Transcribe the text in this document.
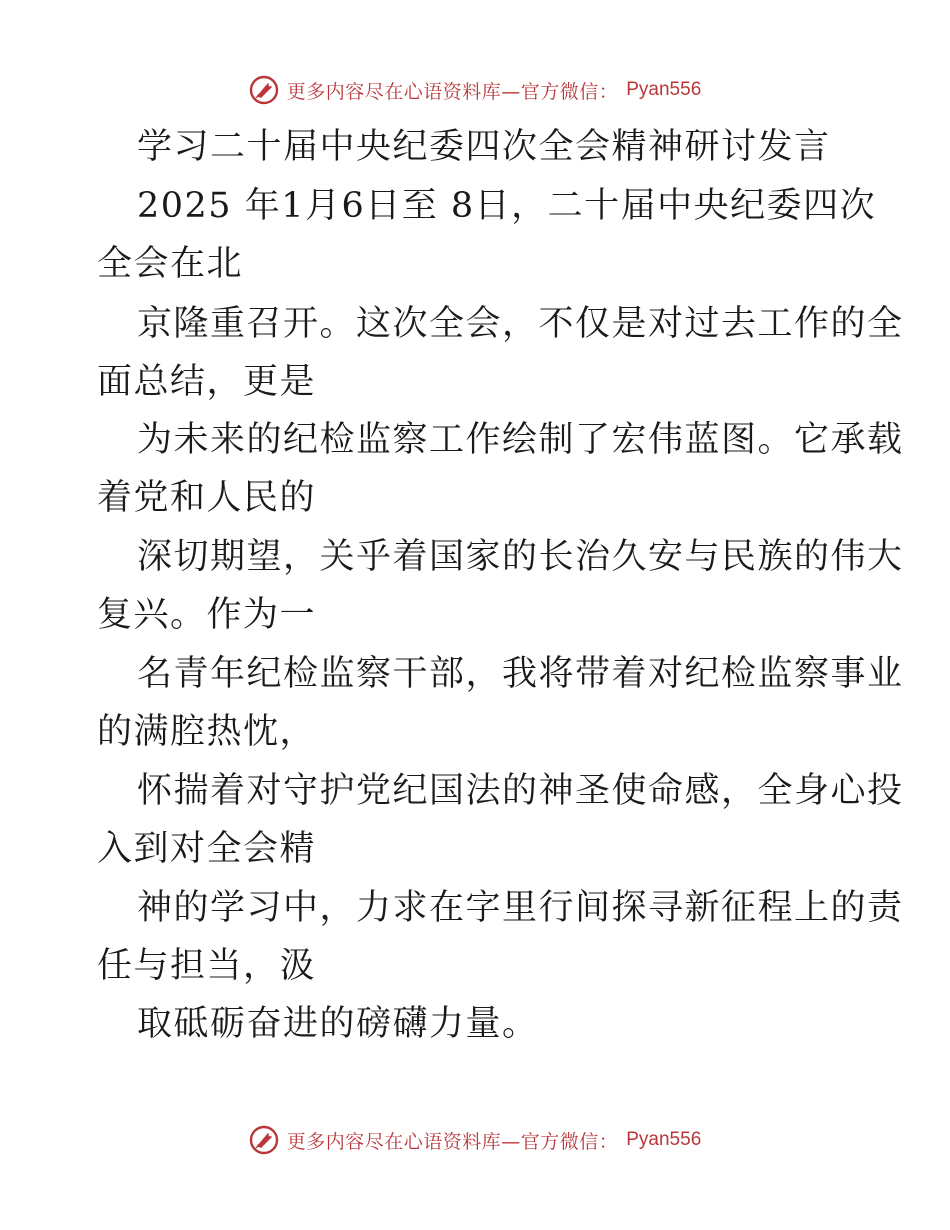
更多内容尽在心语资料库—官方微信： Pyan556
学习二十届中央纪委四次全会精神研讨发言
2025 年1月6日至 8日，二十届中央纪委四次
全会在北
京隆重召开。这次全会，不仅是对过去工作的全
面总结，更是
为未来的纪检监察工作绘制了宏伟蓝图。它承载
着党和人民的
深切期望，关乎着国家的长治久安与民族的伟大
复兴。作为一
名青年纪检监察干部，我将带着对纪检监察事业
的满腔热忱，
怀揣着对守护党纪国法的神圣使命感，全身心投
入到对全会精
神的学习中，力求在字里行间探寻新征程上的责
任与担当，汲
取砥砺奋进的磅礴力量。
更多内容尽在心语资料库—官方微信： Pyan556
